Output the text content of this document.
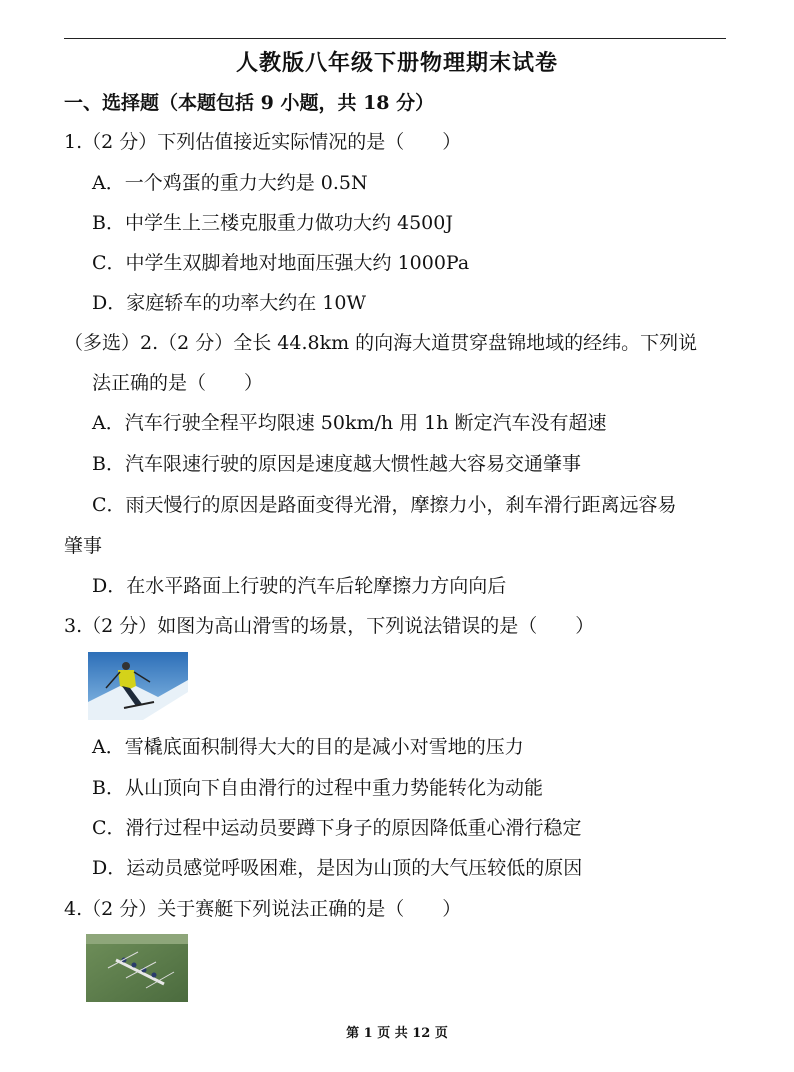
人教版八年级下册物理期末试卷
一、选择题（本题包括 9 小题，共 18 分）
1.（2 分）下列估值接近实际情况的是（　　）
A．一个鸡蛋的重力大约是 0.5N
B．中学生上三楼克服重力做功大约 4500J
C．中学生双脚着地对地面压强大约 1000Pa
D．家庭轿车的功率大约在 10W
（多选）2.（2 分）全长 44.8km 的向海大道贯穿盘锦地域的经纬。下列说
法正确的是（　　）
A．汽车行驶全程平均限速 50km/h 用 1h 断定汽车没有超速
B．汽车限速行驶的原因是速度越大惯性越大容易交通肇事
C．雨天慢行的原因是路面变得光滑，摩擦力小，刹车滑行距离远容易
肇事
D．在水平路面上行驶的汽车后轮摩擦力方向向后
3.（2 分）如图为高山滑雪的场景，下列说法错误的是（　　）
A．雪橇底面积制得大大的目的是减小对雪地的压力
B．从山顶向下自由滑行的过程中重力势能转化为动能
C．滑行过程中运动员要蹲下身子的原因降低重心滑行稳定
D．运动员感觉呼吸困难，是因为山顶的大气压较低的原因
4.（2 分）关于赛艇下列说法正确的是（　　）
第 1 页 共 12 页
